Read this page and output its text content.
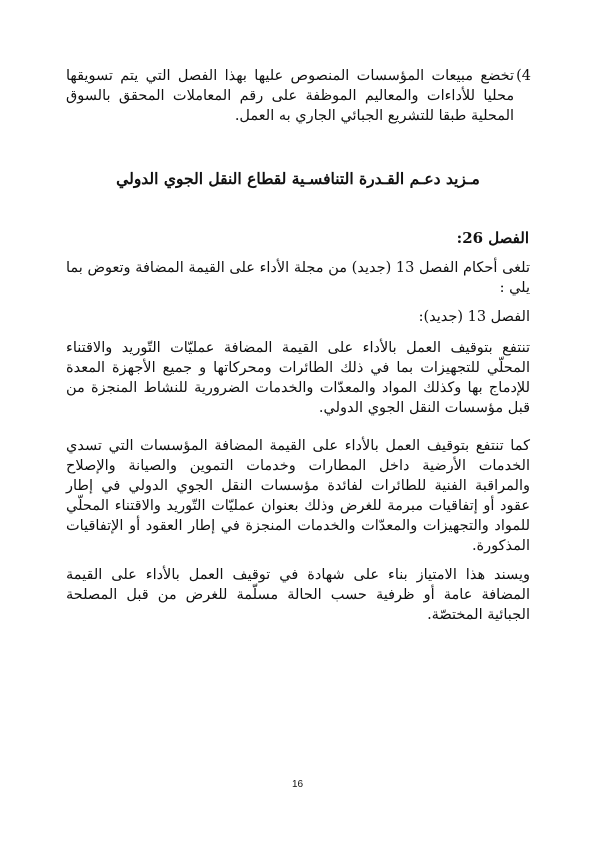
4)
تخضع مبيعات المؤسسات المنصوص عليها بهذا الفصل التي يتم تسويقها محليا للأداءات والمعاليم الموظفة على رقم المعاملات المحقق بالسوق المحلية طبقا للتشريع الجبائي الجاري به العمل.
مـزيد دعـم القـدرة التنافسـية لقطاع النقل الجوي الدولي
الفصل 26:
تلغى أحكام الفصل 13 (جديد) من مجلة الأداء على القيمة المضافة وتعوض بما يلي :
الفصل 13 (جديد):
تنتفع بتوقيف العمل بالأداء على القيمة المضافة عمليّات التّوريد والاقتناء المحلّي للتجهيزات بما في ذلك الطائرات ومحركاتها و جميع الأجهزة المعدة للإدماج بها وكذلك المواد والمعدّات والخدمات الضرورية للنشاط المنجزة من قبل مؤسسات النقل الجوي الدولي.
كما تنتفع بتوقيف العمل بالأداء على القيمة المضافة المؤسسات التي تسدي الخدمات الأرضية داخل المطارات وخدمات التموين والصيانة والإصلاح والمراقبة الفنية للطائرات لفائدة مؤسسات النقل الجوي الدولي في إطار عقود أو إتفاقيات مبرمة للغرض وذلك بعنوان عمليّات التّوريد والاقتناء المحلّي للمواد والتجهيزات والمعدّات والخدمات المنجزة في إطار العقود أو الإتفاقيات المذكورة.
ويسند هذا الامتياز بناء على شهادة في توقيف العمل بالأداء على القيمة المضافة عامة أو ظرفية حسب الحالة مسلّمة للغرض من قبل المصلحة الجبائية المختصّة.
16
